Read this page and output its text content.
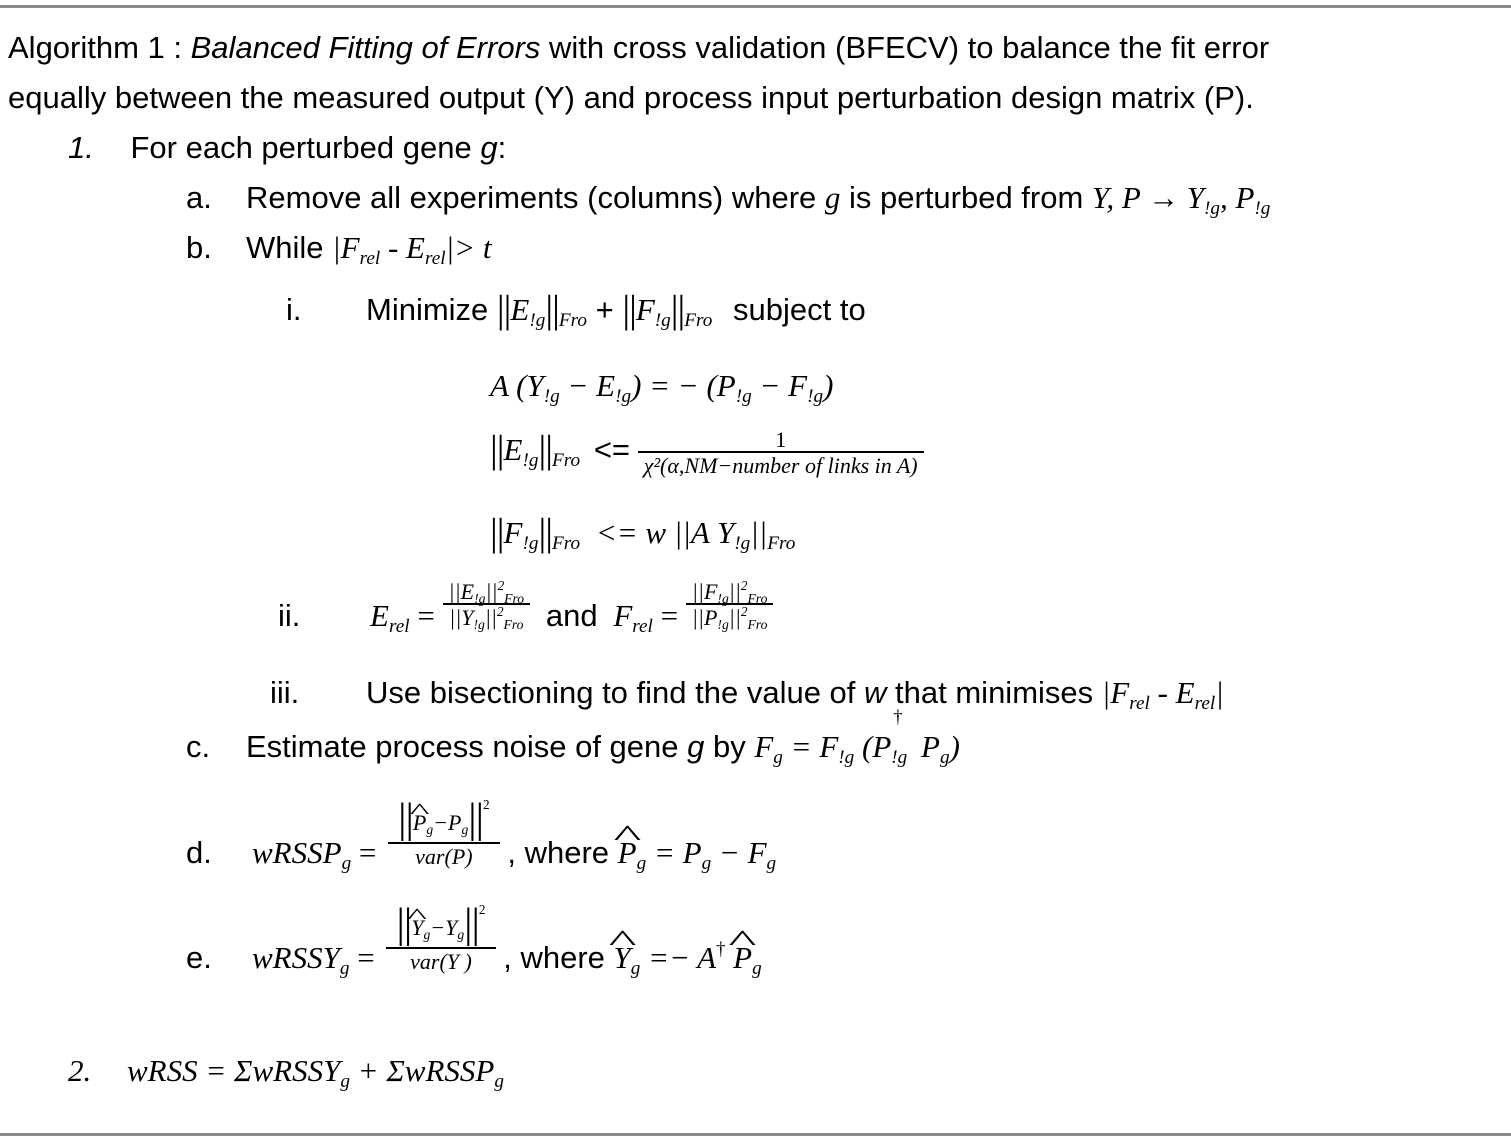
Algorithm 1 : Balanced Fitting of Errors with cross validation (BFECV) to balance the fit error
equally between the measured output (Y) and process input perturbation design matrix (P).
1. For each perturbed gene g:
a. Remove all experiments (columns) where g is perturbed from Y, P → Y!g, P!g
b. While |Frel - Erel|> t
i. Minimize ||E!g||Fro + ||F!g||Fro subject to
A (Y!g − E!g) = − (P!g − F!g)
$||E!g||Fro <= \frac{1}{\text{χ²(α,NM−number of links in A)}}$
||F!g||Fro <= w ||A Y!g||Fro
ii. Erel = $\frac{||E!g||^2Fro}{||Y!g||^2Fro}$ and Frel = $\frac{||F!g||^2Fro}{||P!g||^2Fro}$
iii. Use bisectioning to find the value of w that minimises |Frel - Erel|
c. Estimate process noise of gene g by Fg = F!g (P
†
!g Pg)
d. wRSSPg = $\frac{||\^{} Pg-Pg||^2}{\text{var(P)}}$ , where ^ Pg = Pg − Fg
e. wRSSYg = $\frac{||\^{} Yg-Yg||^2}{\text{var(Y )}}$ , where ^ Yg =− A† ^ Pg
2. wRSS = ΣwRSSYg + ΣwRSSPg
